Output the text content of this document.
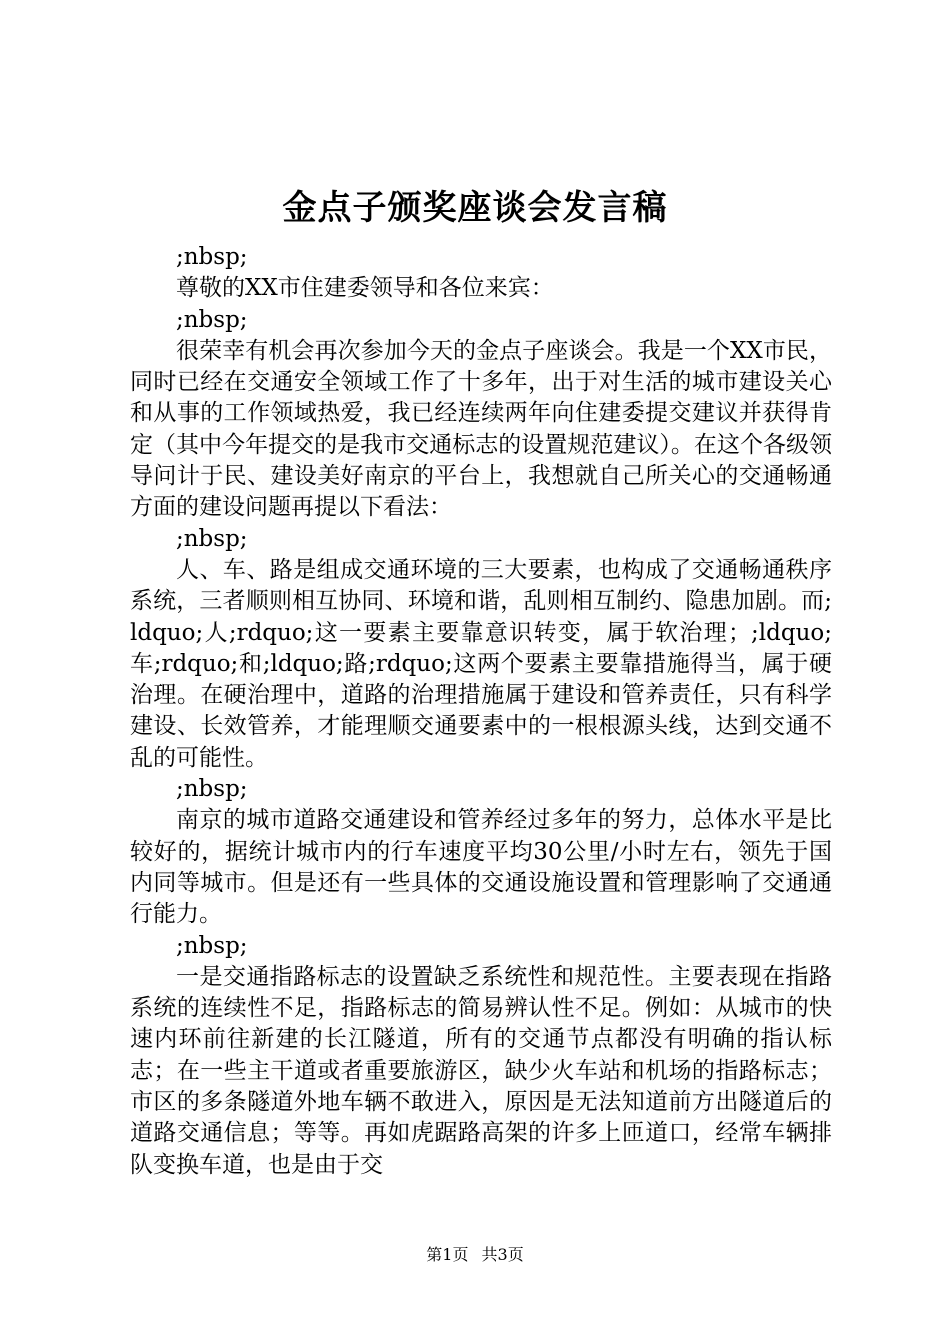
金点子颁奖座谈会发言稿

;nbsp;

尊敬的XX市住建委领导和各位来宾：

;nbsp;

很荣幸有机会再次参加今天的金点子座谈会。我是一个XX市民，同时已经在交通安全领域工作了十多年，出于对生活的城市建设关心和从事的工作领域热爱，我已经连续两年向住建委提交建议并获得肯定（其中今年提交的是我市交通标志的设置规范建议）。在这个各级领导问计于民、建设美好南京的平台上，我想就自己所关心的交通畅通方面的建设问题再提以下看法：

;nbsp;

人、车、路是组成交通环境的三大要素，也构成了交通畅通秩序系统，三者顺则相互协同、环境和谐，乱则相互制约、隐患加剧。而;ldquo;人;rdquo;这一要素主要靠意识转变，属于软治理；;ldquo;车;rdquo;和;ldquo;路;rdquo;这两个要素主要靠措施得当，属于硬治理。在硬治理中，道路的治理措施属于建设和管养责任，只有科学建设、长效管养，才能理顺交通要素中的一根根源头线，达到交通不乱的可能性。

;nbsp;

南京的城市道路交通建设和管养经过多年的努力，总体水平是比较好的，据统计城市内的行车速度平均30公里/小时左右，领先于国内同等城市。但是还有一些具体的交通设施设置和管理影响了交通通行能力。

;nbsp;

一是交通指路标志的设置缺乏系统性和规范性。主要表现在指路系统的连续性不足，指路标志的简易辨认性不足。例如：从城市的快速内环前往新建的长江隧道，所有的交通节点都没有明确的指认标志；在一些主干道或者重要旅游区，缺少火车站和机场的指路标志；市区的多条隧道外地车辆不敢进入，原因是无法知道前方出隧道后的道路交通信息；等等。再如虎踞路高架的许多上匝道口，经常车辆排队变换车道，也是由于交

第1页 共3页
